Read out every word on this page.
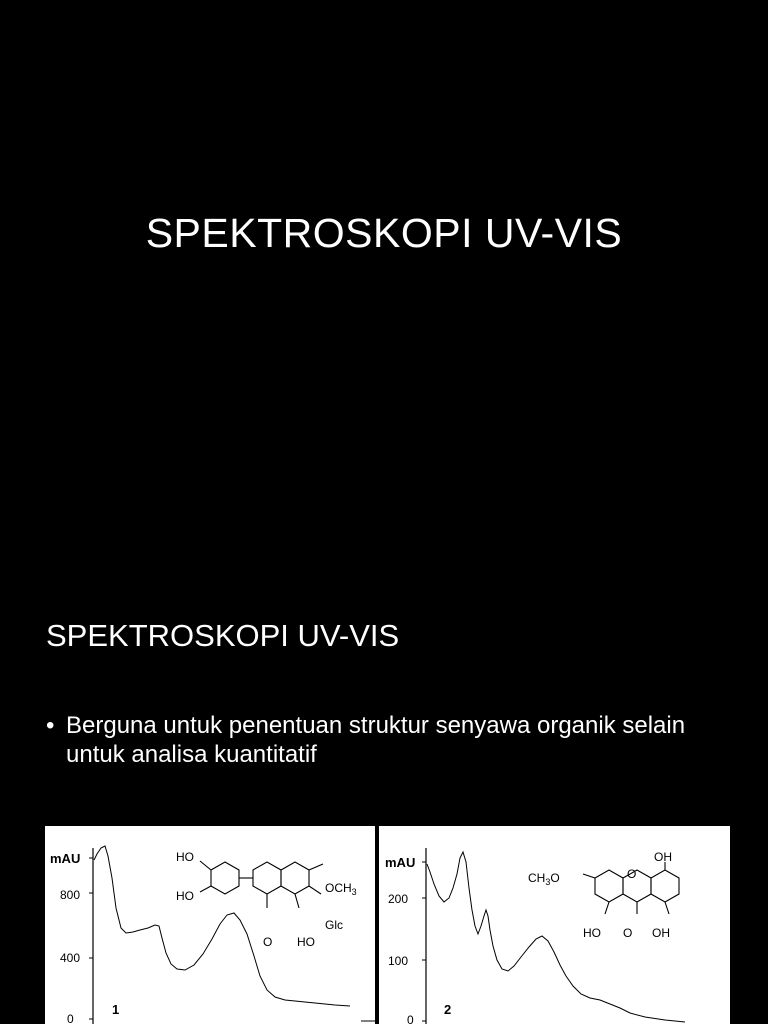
SPEKTROSKOPI UV-VIS
SPEKTROSKOPI UV-VIS
• Berguna untuk penentuan struktur senyawa organik selain untuk analisa kuantitatif
mAU
800
400
0
1
HO
HO
$OCH_3$
Glc
O HO
mAU
200
100
0
2
OH
$CH_3O$	O
HO O OH
